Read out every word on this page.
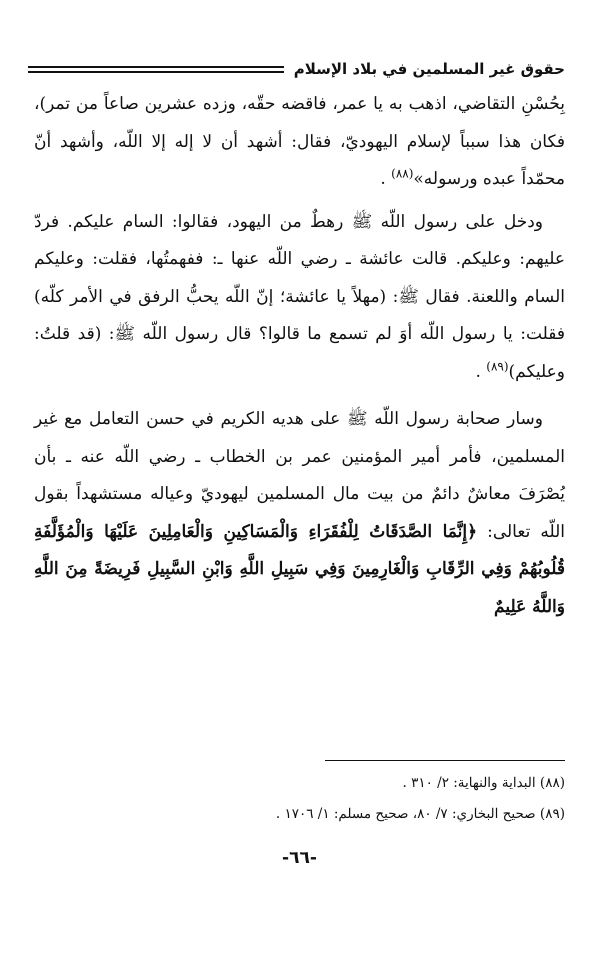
حقوق غير المسلمين في بلاد الإسلام

بِحُسْنِ التقاضي، اذهب به يا عمر، فاقضه حقّه، وزده عشرين صاعاً من تمر)، فكان هذا سبباً لإسلام اليهوديّ، فقال: أشهد أن لا إله إلا اللّه، وأشهد أنّ محمّداً عبده ورسوله»$^{(٨٨)}$ .

ودخل على رسول اللّه ﷺ رهطٌ من اليهود، فقالوا: السام عليكم. فردّ عليهم: وعليكم. قالت عائشة ـ رضي اللّه عنها ـ: ففهمتُها، فقلت: وعليكم السام واللعنة. فقال ﷺ: (مهلاً يا عائشة؛ إنّ اللّه يحبُّ الرفق في الأمر كلّه) فقلت: يا رسول اللّه أوَ لم تسمع ما قالوا؟ قال رسول اللّه ﷺ: (قد قلتُ: وعليكم)$^{(٨٩)}$ .

وسار صحابة رسول اللّه ﷺ على هديه الكريم في حسن التعامل مع غير المسلمين، فأمر أمير المؤمنين عمر بن الخطاب ـ رضي اللّه عنه ـ بأن يُصْرَفَ معاشٌ دائمٌ من بيت مال المسلمين ليهوديّ وعياله مستشهداً بقول اللّه تعالى: ﴿إِنَّمَا الصَّدَقَاتُ لِلْفُقَرَاءِ وَالْمَسَاكِينِ وَالْعَامِلِينَ عَلَيْهَا وَالْمُؤَلَّفَةِ قُلُوبُهُمْ وَفِي الرِّقَابِ وَالْغَارِمِينَ وَفِي سَبِيلِ اللَّهِ وَابْنِ السَّبِيلِ فَرِيضَةً مِنَ اللَّهِ وَاللَّهُ عَلِيمٌ

(٨٨) البداية والنهاية: ٢/ ٣١٠ .

(٨٩) صحيح البخاري: ٧/ ٨٠، صحيح مسلم: ١/ ١٧٠٦ .

-٦٦-
